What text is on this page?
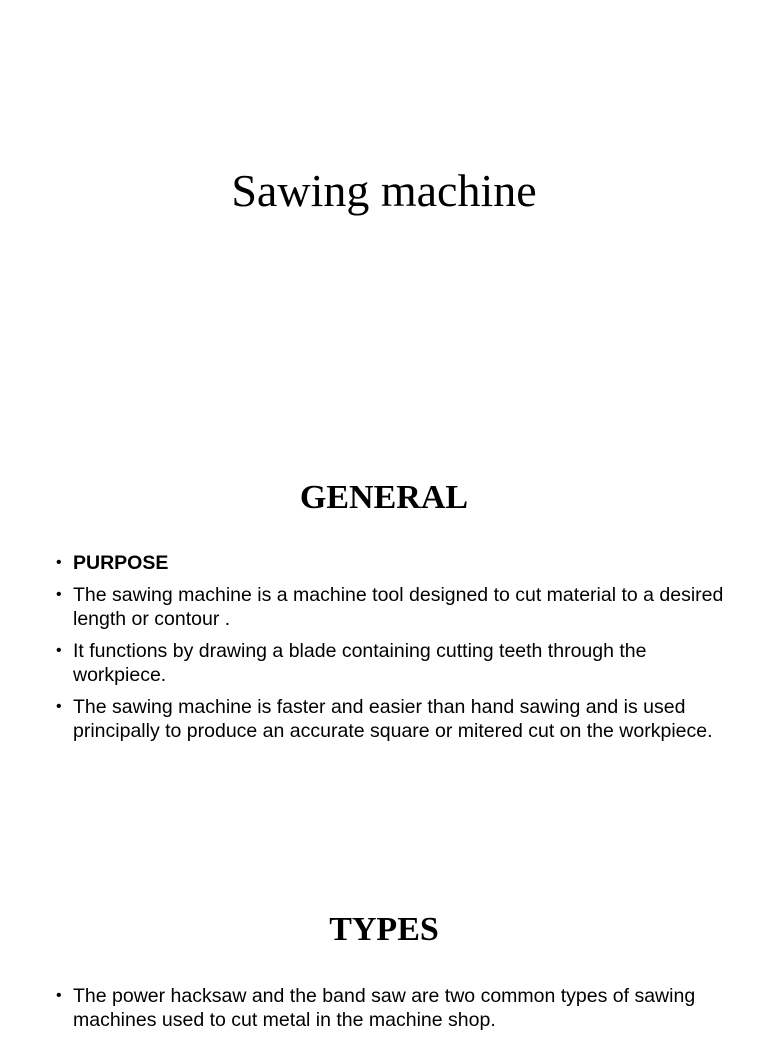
Sawing machine
GENERAL
• PURPOSE
• The sawing machine is a machine tool designed to cut material to a desired length or contour .
• It functions by drawing a blade containing cutting teeth through the workpiece.
• The sawing machine is faster and easier than hand sawing and is used principally to produce an accurate square or mitered cut on the workpiece.
TYPES
• The power hacksaw and the band saw are two common types of sawing machines used to cut metal in the machine shop.
